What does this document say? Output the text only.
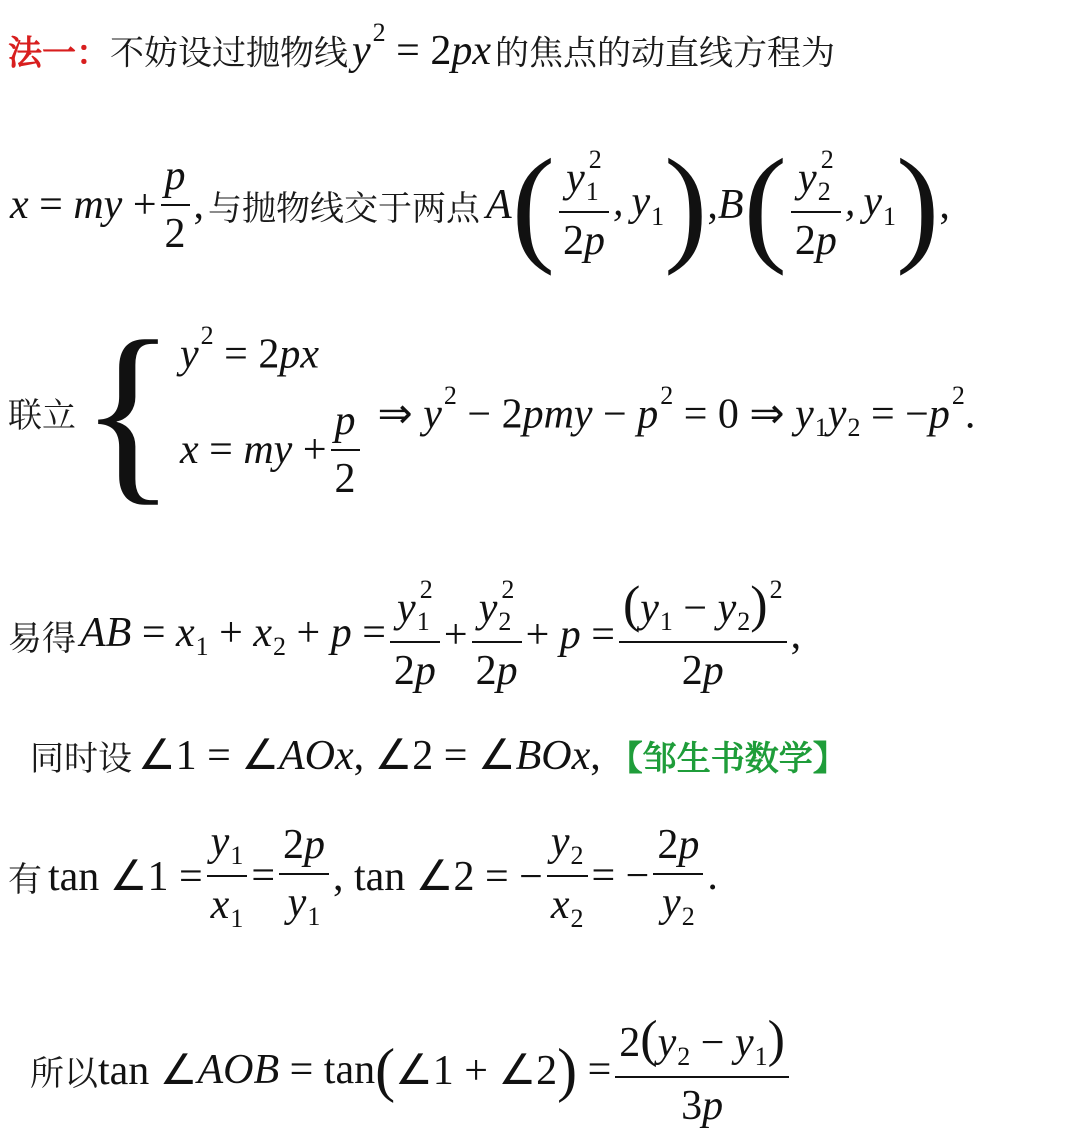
法一：不妨设过抛物线 $y^2 = 2px$ 的焦点的动直线方程为
x = my + $\frac{p}{2}$ , 与抛物线交于两点 A ( $\frac{y_1^2}{2p}$ , $y_1$ ) , B ( $\frac{y_2^2}{2p}$ , $y_1$ ) ,
联立 { $y^2 = 2px$
x = my + $\frac{p}{2}$ ⇒ $y^2 - 2pmy - p^2 = 0$ ⇒ $y_1y_2 = -p^2$.
易得 AB = $x_1 + x_2 + p = \frac{y_1^2}{2p} + \frac{y_2^2}{2p} + p = \frac{(y_1 - y_2)^2}{2p}$ ,
同时设 ∠1 = ∠AOx, ∠2 = ∠BOx, 【邹生书数学】
有 tan ∠1 = $\frac{y_1}{x_1} = \frac{2p}{y_1}$ , tan ∠2 = − $\frac{y_2}{x_2}$ = − $\frac{2p}{y_2}$ .
所以 tan ∠ AOB = tan ( ∠1 + ∠2 ) = $\frac{2(y_2 - y_1)}{3p}$
